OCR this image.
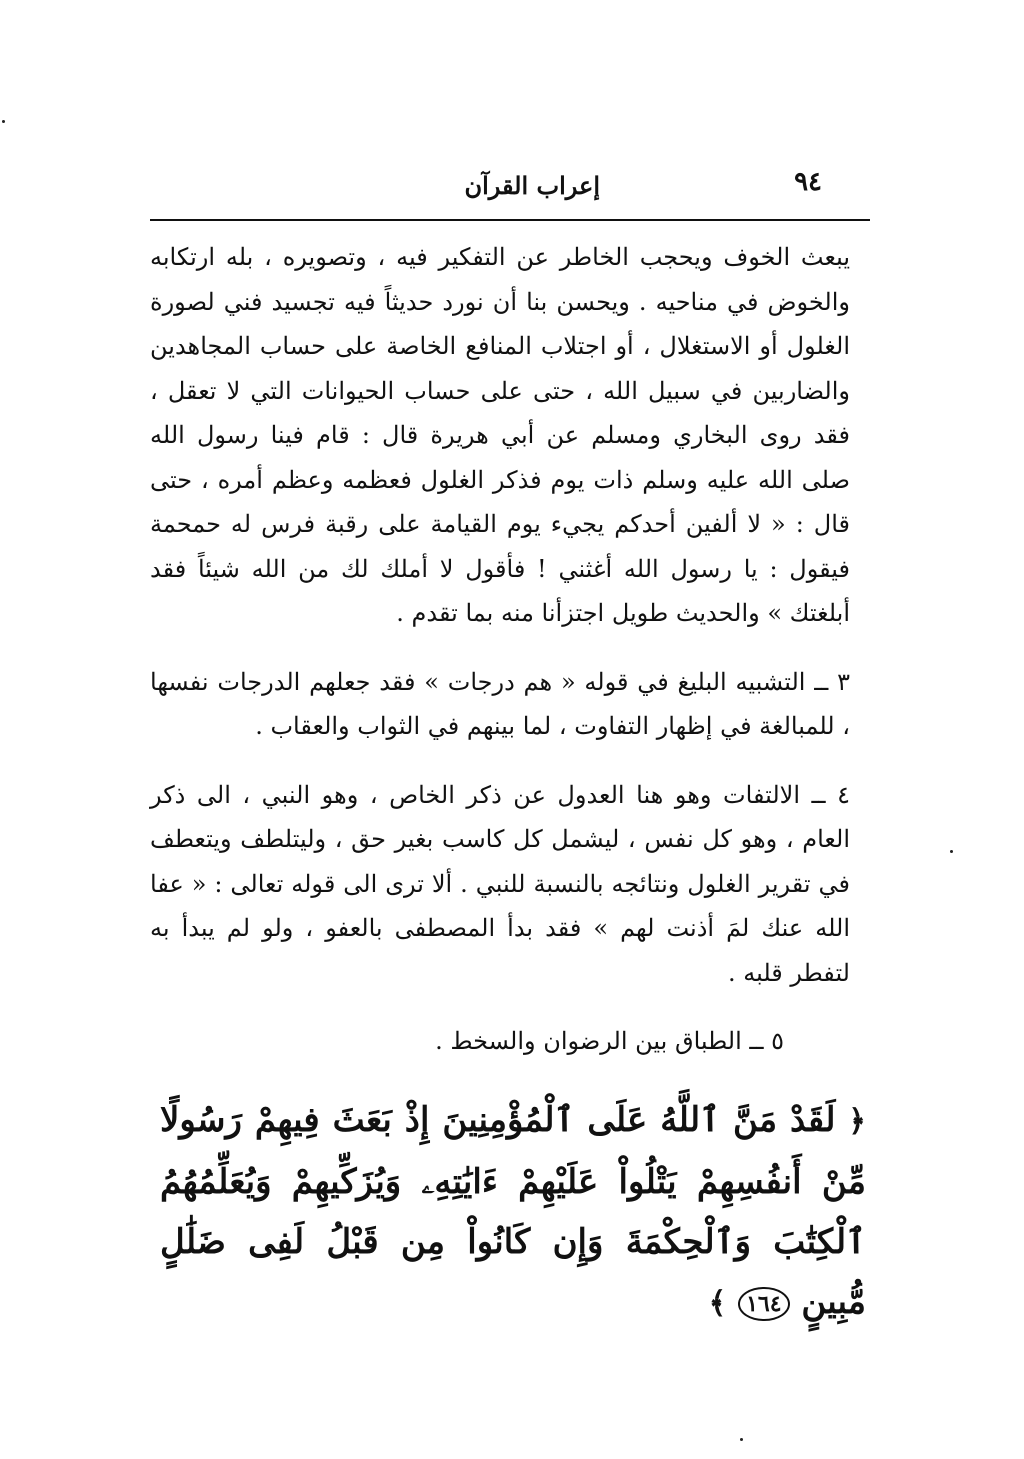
٩٤
إعراب القرآن

يبعث الخوف ويحجب الخاطر عن التفكير فيه ، وتصويره ، بله ارتكابه والخوض في مناحيه . ويحسن بنا أن نورد حديثاً فيه تجسيد فني لصورة الغلول أو الاستغلال ، أو اجتلاب المنافع الخاصة على حساب المجاهدين والضاربين في سبيل الله ، حتى على حساب الحيوانات التي لا تعقل ، فقد روى البخاري ومسلم عن أبي هريرة قال : قام فينا رسول الله صلى الله عليه وسلم ذات يوم فذكر الغلول فعظمه وعظم أمره ، حتى قال : « لا ألفين أحدكم يجيء يوم القيامة على رقبة فرس له حمحمة فيقول : يا رسول الله أغثني ! فأقول لا أملك لك من الله شيئاً فقد أبلغتك » والحديث طويل اجتزأنا منه بما تقدم .

٣ ــ التشبيه البليغ في قوله « هم درجات » فقد جعلهم الدرجات نفسها ، للمبالغة في إظهار التفاوت ، لما بينهم في الثواب والعقاب .

٤ ــ الالتفات وهو هنا العدول عن ذكر الخاص ، وهو النبي ، الى ذكر العام ، وهو كل نفس ، ليشمل كل كاسب بغير حق ، وليتلطف ويتعطف في تقرير الغلول ونتائجه بالنسبة للنبي . ألا ترى الى قوله تعالى : « عفا الله عنك لمَ أذنت لهم » فقد بدأ المصطفى بالعفو ، ولو لم يبدأ به لتفطر قلبه .

٥ ــ الطباق بين الرضوان والسخط .

﴿ لَقَدْ مَنَّ ٱللَّهُ عَلَى ٱلْمُؤْمِنِينَ إِذْ بَعَثَ فِيهِمْ رَسُولًا مِّنْ أَنفُسِهِمْ يَتْلُواْ عَلَيْهِمْ ءَايَٰتِهِۦ وَيُزَكِّيهِمْ وَيُعَلِّمُهُمُ ٱلْكِتَٰبَ وَٱلْحِكْمَةَ وَإِن كَانُواْ مِن قَبْلُ لَفِى ضَلَٰلٍ مُّبِينٍ ١٦٤ ﴾
